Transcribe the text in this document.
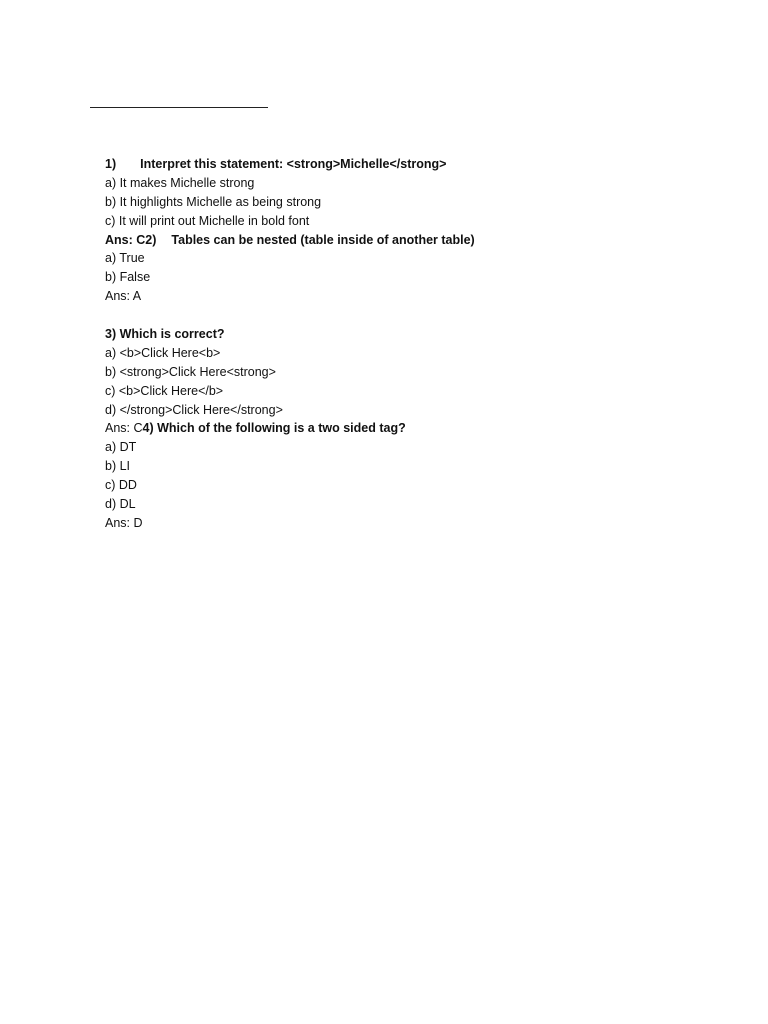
1) Interpret this statement: <strong>Michelle</strong>
a) It makes Michelle strong
b) It highlights Michelle as being strong
c) It will print out Michelle in bold font
Ans: C2) Tables can be nested (table inside of another table)
a) True
b) False
Ans: A
3) Which is correct?
a) <b>Click Here<b>
b) <strong>Click Here<strong>
c) <b>Click Here</b>
d) </strong>Click Here</strong>
Ans: C4) Which of the following is a two sided tag?
a) DT
b) LI
c) DD
d) DL
Ans: D
